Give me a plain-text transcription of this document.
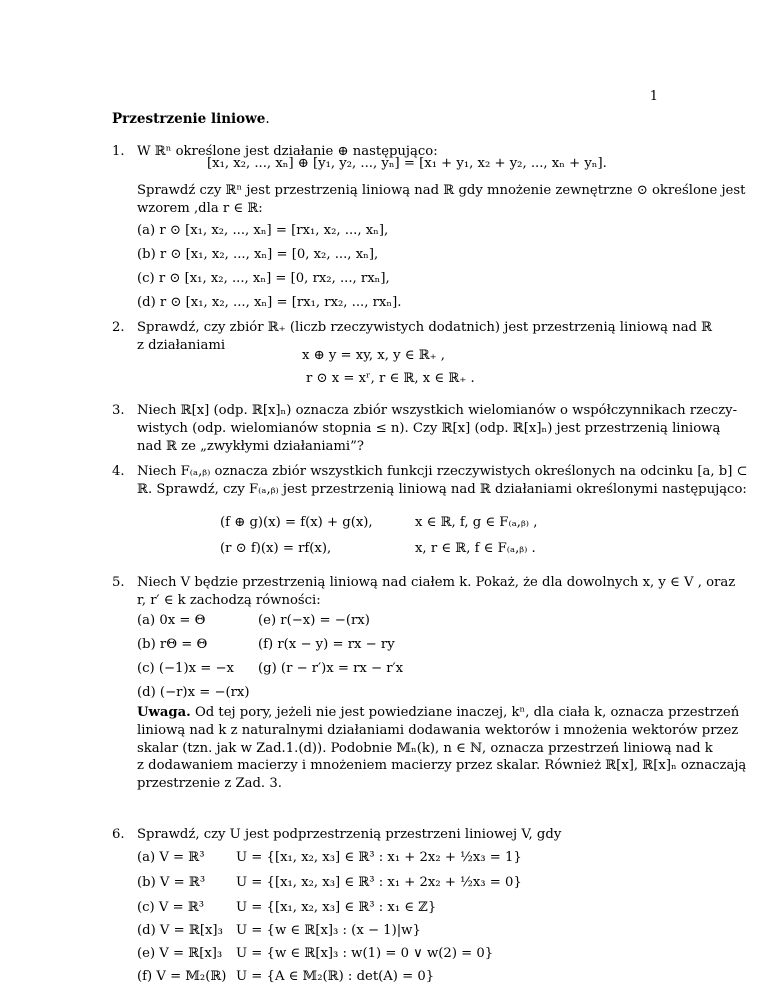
1
Przestrzenie liniowe.
1. W ℝⁿ określone jest działanie ⊕ następująco:
[x₁, x₂, ..., xₙ] ⊕ [y₁, y₂, ..., yₙ] = [x₁ + y₁, x₂ + y₂, ..., xₙ + yₙ].
Sprawdź czy ℝⁿ jest przestrzenią liniową nad ℝ gdy mnożenie zewnętrzne ⊙ określone jest
wzorem ,dla r ∈ ℝ:
(a) r ⊙ [x₁, x₂, ..., xₙ] = [rx₁, x₂, ..., xₙ],
(b) r ⊙ [x₁, x₂, ..., xₙ] = [0, x₂, ..., xₙ],
(c) r ⊙ [x₁, x₂, ..., xₙ] = [0, rx₂, ..., rxₙ],
(d) r ⊙ [x₁, x₂, ..., xₙ] = [rx₁, rx₂, ..., rxₙ].
2. Sprawdź, czy zbiór ℝ₊ (liczb rzeczywistych dodatnich) jest przestrzenią liniową nad ℝ
z działaniami
x ⊕ y = xy, x, y ∈ ℝ₊ ,
r ⊙ x = xʳ, r ∈ ℝ, x ∈ ℝ₊ .
3. Niech ℝ[x] (odp. ℝ[x]ₙ) oznacza zbiór wszystkich wielomianów o współczynnikach rzeczy-
wistych (odp. wielomianów stopnia ≤ n). Czy ℝ[x] (odp. ℝ[x]ₙ) jest przestrzenią liniową
nad ℝ ze „zwykłymi działaniami”?
4. Niech F₍ₐ,ᵦ₎ oznacza zbiór wszystkich funkcji rzeczywistych określonych na odcinku [a, b] ⊂
ℝ. Sprawdź, czy F₍ₐ,ᵦ₎ jest przestrzenią liniową nad ℝ działaniami określonymi następująco:
(f ⊕ g)(x) = f(x) + g(x),	x ∈ ℝ, f, g ∈ F₍ₐ,ᵦ₎ ,
(r ⊙ f)(x) = rf(x),	x, r ∈ ℝ, f ∈ F₍ₐ,ᵦ₎ .
5. Niech V będzie przestrzenią liniową nad ciałem k. Pokaż, że dla dowolnych x, y ∈ V , oraz
r, r′ ∈ k zachodzą równości:
(a) 0x = Θ
(b) rΘ = Θ
(c) (−1)x = −x
(d) (−r)x = −(rx)
(e) r(−x) = −(rx)
(f) r(x − y) = rx − ry
(g) (r − r′)x = rx − r′x
Uwaga. Od tej pory, jeżeli nie jest powiedziane inaczej, kⁿ, dla ciała k, oznacza przestrzeń
liniową nad k z naturalnymi działaniami dodawania wektorów i mnożenia wektorów przez
skalar (tzn. jak w Zad.1.(d)). Podobnie 𝕄ₙ(k), n ∈ ℕ, oznacza przestrzeń liniową nad k
z dodawaniem macierzy i mnożeniem macierzy przez skalar. Również ℝ[x], ℝ[x]ₙ oznaczają
przestrzenie z Zad. 3.
6. Sprawdź, czy U jest podprzestrzenią przestrzeni liniowej V, gdy
(a) V = ℝ³ U = {[x₁, x₂, x₃] ∈ ℝ³ : x₁ + 2x₂ + ½x₃ = 1}
(b) V = ℝ³ U = {[x₁, x₂, x₃] ∈ ℝ³ : x₁ + 2x₂ + ½x₃ = 0}
(c) V = ℝ³ U = {[x₁, x₂, x₃] ∈ ℝ³ : x₁ ∈ ℤ}
(d) V = ℝ[x]₃ U = {w ∈ ℝ[x]₃ : (x − 1)|w}
(e) V = ℝ[x]₃ U = {w ∈ ℝ[x]₃ : w(1) = 0 ∨ w(2) = 0}
(f) V = 𝕄₂(ℝ) U = {A ∈ 𝕄₂(ℝ) : det(A) = 0}
